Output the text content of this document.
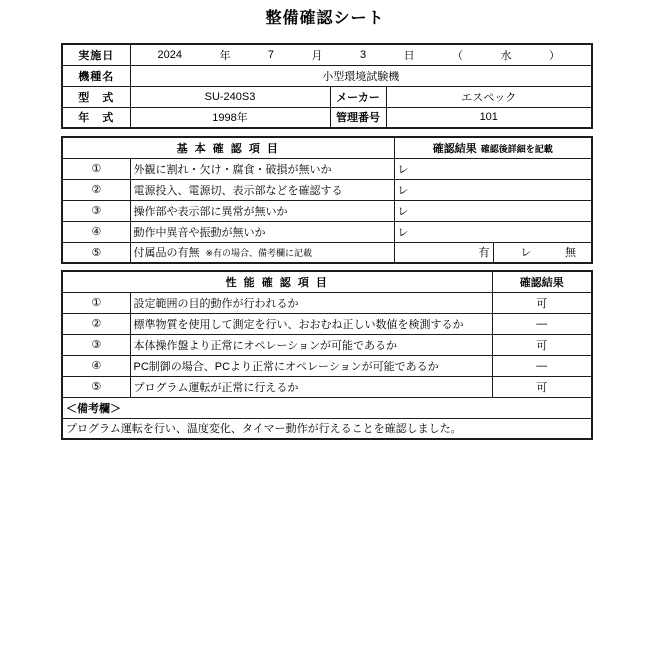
整備確認シート
実施日	2024	年	7	月	3	日	（	水	）

機種名	小型環境試験機		
型　式	SU-240S3	メーカー	エスペック
年　式	1998年	管理番号	101
基 本 確 認 項 目		確認結果 確認後詳細を記載	
①	外観に割れ・欠け・腐食・破損が無いか	レ	
②	電源投入、電源切、表示部などを確認する	レ	
③	操作部や表示部に異常が無いか	レ	
④	動作中異音や振動が無いか	レ	
⑤	付属品の有無 ※有の場合、備考欄に記載	有	レ 無
性 能 確 認 項 目		確認結果
①	設定範囲の目的動作が行われるか	可
②	標準物質を使用して測定を行い、おおむね正しい数値を検測するか	―
③	本体操作盤より正常にオペレーションが可能であるか	可
④	PC制御の場合、PCより正常にオペレーションが可能であるか	―
⑤	プログラム運転が正常に行えるか	可
＜備考欄＞		
プログラム運転を行い、温度変化、タイマー動作が行えることを確認しました。		
